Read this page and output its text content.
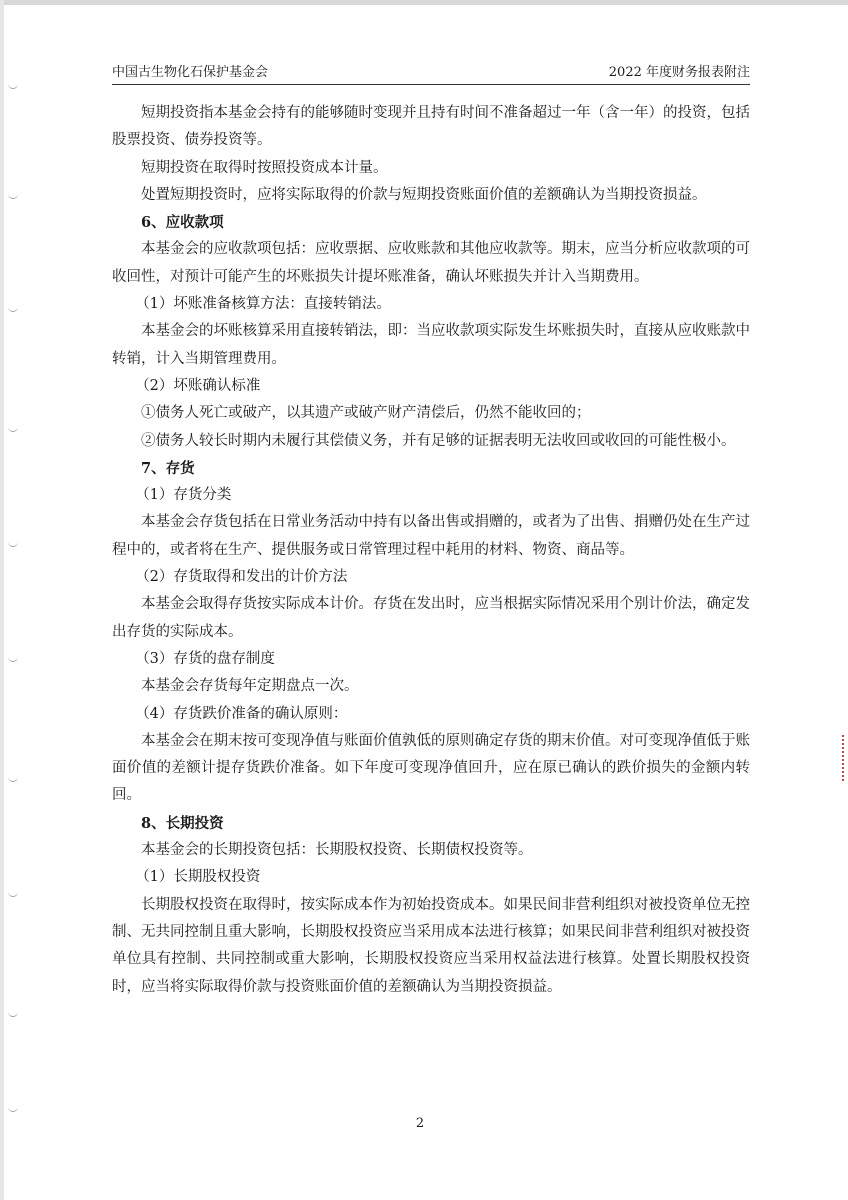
中国古生物化石保护基金会	2022 年度财务报表附注

短期投资指本基金会持有的能够随时变现并且持有时间不准备超过一年（含一年）的投资，包括股票投资、债券投资等。

短期投资在取得时按照投资成本计量。

处置短期投资时，应将实际取得的价款与短期投资账面价值的差额确认为当期投资损益。

6、应收款项

本基金会的应收款项包括：应收票据、应收账款和其他应收款等。期末，应当分析应收款项的可收回性，对预计可能产生的坏账损失计提坏账准备，确认坏账损失并计入当期费用。

（1）坏账准备核算方法：直接转销法。

本基金会的坏账核算采用直接转销法，即：当应收款项实际发生坏账损失时，直接从应收账款中转销，计入当期管理费用。

（2）坏账确认标准

①债务人死亡或破产，以其遗产或破产财产清偿后，仍然不能收回的；

②债务人较长时期内未履行其偿债义务，并有足够的证据表明无法收回或收回的可能性极小。

7、存货

（1）存货分类

本基金会存货包括在日常业务活动中持有以备出售或捐赠的，或者为了出售、捐赠仍处在生产过程中的，或者将在生产、提供服务或日常管理过程中耗用的材料、物资、商品等。

（2）存货取得和发出的计价方法

本基金会取得存货按实际成本计价。存货在发出时，应当根据实际情况采用个别计价法，确定发出存货的实际成本。

（3）存货的盘存制度

本基金会存货每年定期盘点一次。

（4）存货跌价准备的确认原则：

本基金会在期末按可变现净值与账面价值孰低的原则确定存货的期末价值。对可变现净值低于账面价值的差额计提存货跌价准备。如下年度可变现净值回升，应在原已确认的跌价损失的金额内转回。

8、长期投资

本基金会的长期投资包括：长期股权投资、长期债权投资等。

（1）长期股权投资

长期股权投资在取得时，按实际成本作为初始投资成本。如果民间非营利组织对被投资单位无控制、无共同控制且重大影响，长期股权投资应当采用成本法进行核算；如果民间非营利组织对被投资单位具有控制、共同控制或重大影响，长期股权投资应当采用权益法进行核算。处置长期股权投资时，应当将实际取得价款与投资账面价值的差额确认为当期投资损益。

2
